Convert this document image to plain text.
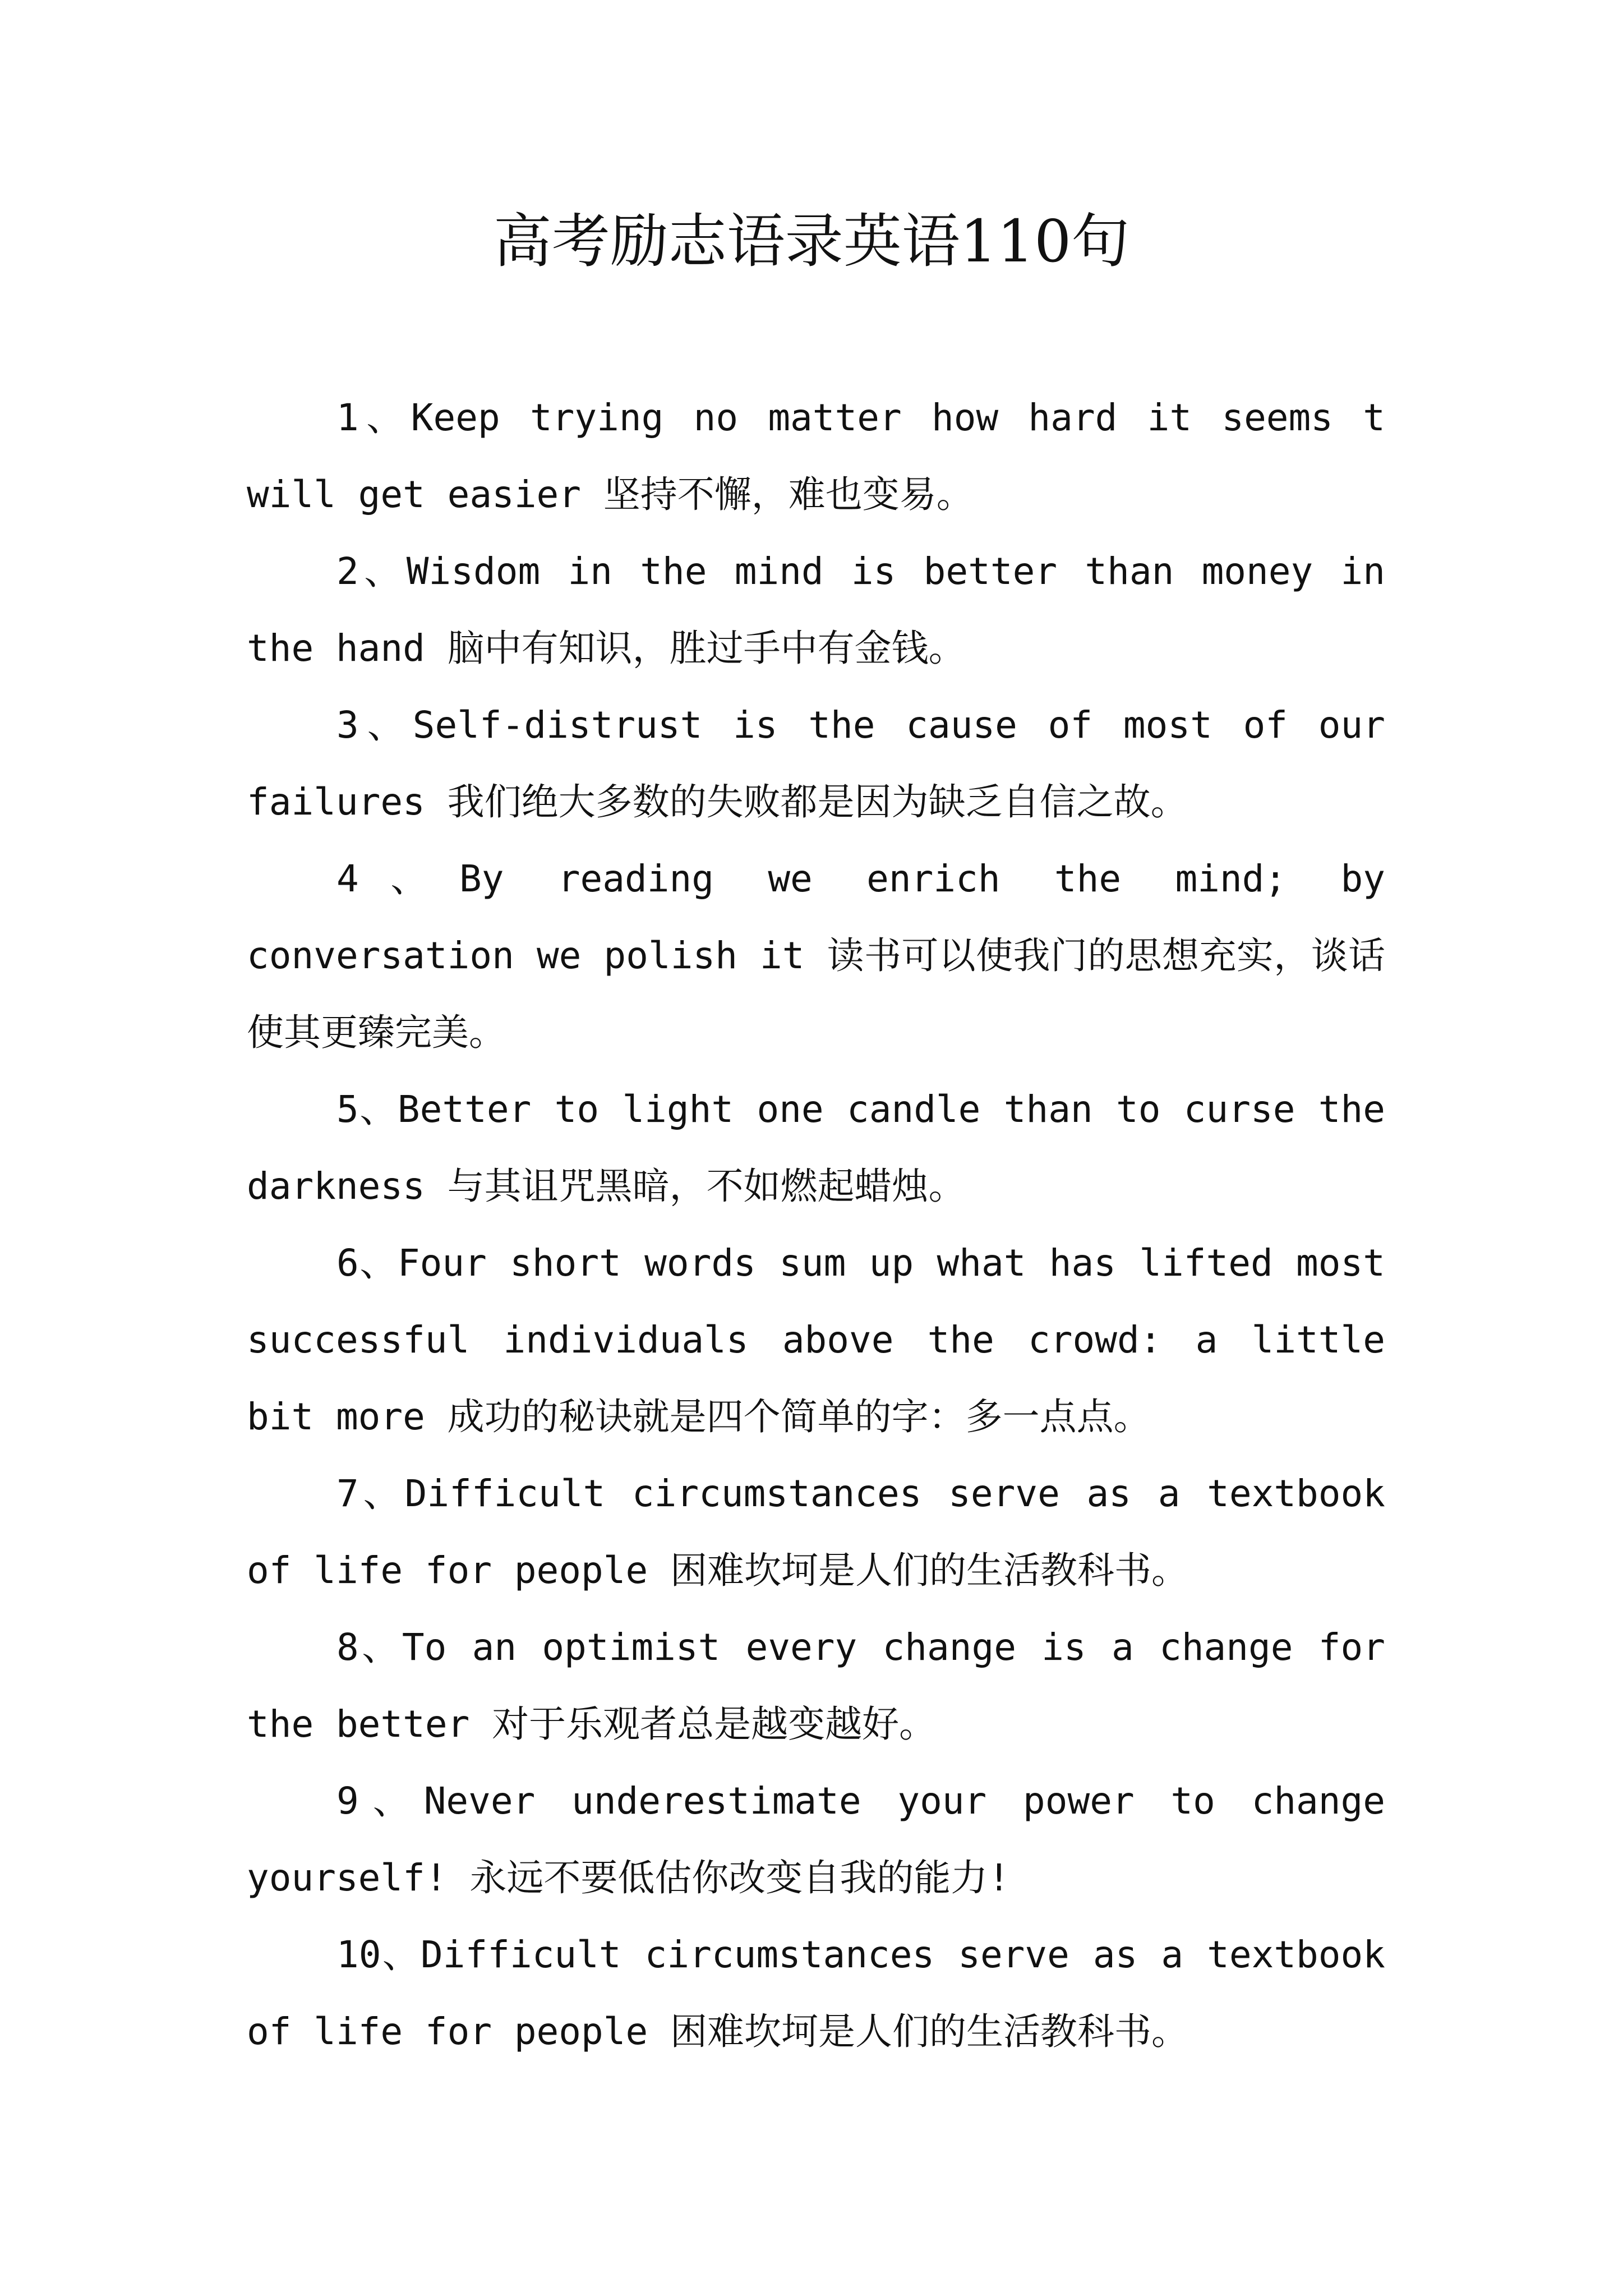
高考励志语录英语110句

1、Keep trying no matter how hard it seems t will get easier 坚持不懈，难也变易。

2、Wisdom in the mind is better than money in the hand 脑中有知识，胜过手中有金钱。

3、Self-distrust is the cause of most of our failures 我们绝大多数的失败都是因为缺乏自信之故。

4、By reading we enrich the mind; by conversation we polish it 读书可以使我门的思想充实，谈话使其更臻完美。

5、Better to light one candle than to curse the darkness 与其诅咒黑暗，不如燃起蜡烛。

6、Four short words sum up what has lifted most successful individuals above the crowd: a little bit more 成功的秘诀就是四个简单的字：多一点点。

7、Difficult circumstances serve as a textbook of life for people 困难坎坷是人们的生活教科书。

8、To an optimist every change is a change for the better 对于乐观者总是越变越好。

9、Never underestimate your power to change yourself! 永远不要低估你改变自我的能力!

10、Difficult circumstances serve as a textbook of life for people 困难坎坷是人们的生活教科书。
